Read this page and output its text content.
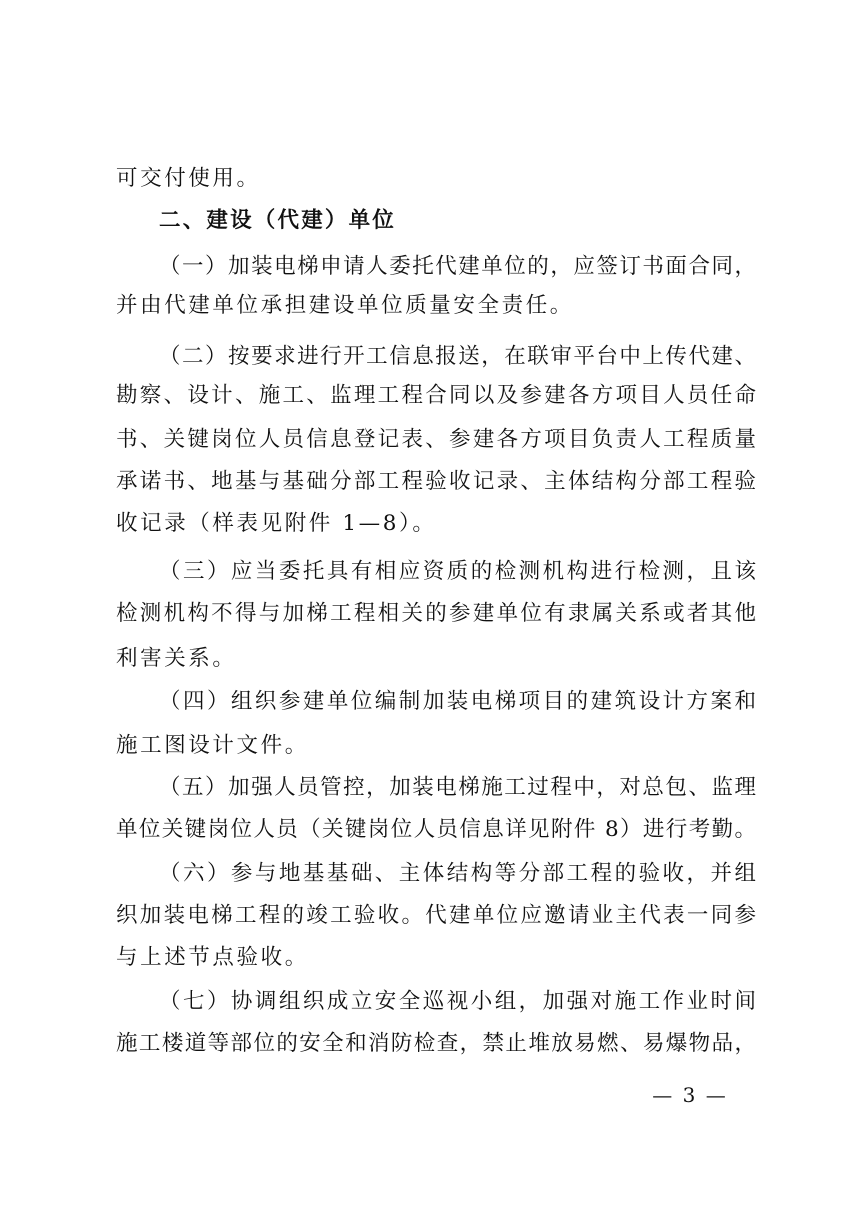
可交付使用。
二、建设（代建）单位
（一）加装电梯申请人委托代建单位的，应签订书面合同，
并由代建单位承担建设单位质量安全责任。
（二）按要求进行开工信息报送，在联审平台中上传代建、
勘察、设计、施工、监理工程合同以及参建各方项目人员任命
书、关键岗位人员信息登记表、参建各方项目负责人工程质量
承诺书、地基与基础分部工程验收记录、主体结构分部工程验
收记录（样表见附件 1—8）。
（三）应当委托具有相应资质的检测机构进行检测，且该
检测机构不得与加梯工程相关的参建单位有隶属关系或者其他
利害关系。
（四）组织参建单位编制加装电梯项目的建筑设计方案和
施工图设计文件。
（五）加强人员管控，加装电梯施工过程中，对总包、监理
单位关键岗位人员（关键岗位人员信息详见附件 8）进行考勤。
（六）参与地基基础、主体结构等分部工程的验收，并组
织加装电梯工程的竣工验收。代建单位应邀请业主代表一同参
与上述节点验收。
（七）协调组织成立安全巡视小组，加强对施工作业时间
施工楼道等部位的安全和消防检查，禁止堆放易燃、易爆物品，
— 3 —
